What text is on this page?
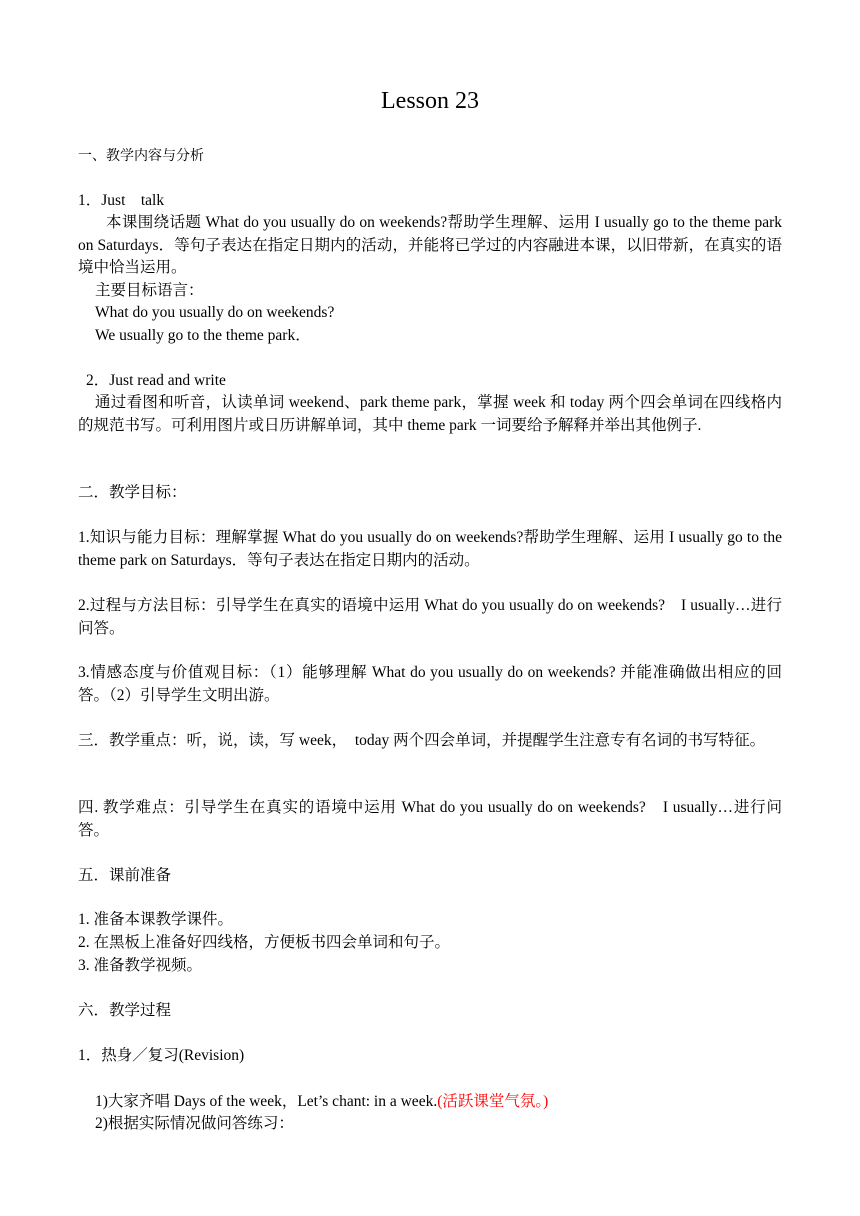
Lesson 23
一、教学内容与分析
1．Just　talk
本课围绕话题 What do you usually do on weekends?帮助学生理解、运用 I usually go to the theme park on Saturdays．等句子表达在指定日期内的活动，并能将已学过的内容融进本课，以旧带新，在真实的语境中恰当运用。
主要目标语言：
What do you usually do on weekends?
We usually go to the theme park．
2．Just read and write
通过看图和听音，认读单词 weekend、park theme park，掌握 week 和 today 两个四会单词在四线格内的规范书写。可利用图片或日历讲解单词，其中 theme park 一词要给予解释并举出其他例子.
二．教学目标：
1.知识与能力目标：理解掌握 What do you usually do on weekends?帮助学生理解、运用 I usually go to the theme park on Saturdays．等句子表达在指定日期内的活动。
2.过程与方法目标：引导学生在真实的语境中运用 What do you usually do on weekends?　I usually…进行问答。
3.情感态度与价值观目标：（1）能够理解 What do you usually do on weekends? 并能准确做出相应的回答。（2）引导学生文明出游。
三．教学重点：听，说，读，写 week，　today 两个四会单词，并提醒学生注意专有名词的书写特征。
四. 教学难点：引导学生在真实的语境中运用 What do you usually do on weekends?　I usually…进行问答。
五．课前准备
1. 准备本课教学课件。
2. 在黑板上准备好四线格，方便板书四会单词和句子。
3. 准备教学视频。
六．教学过程
1．热身／复习(Revision)
1)大家齐唱 Days of the week，Let’s chant: in a week.(活跃课堂气氛。)
2)根据实际情况做问答练习：
